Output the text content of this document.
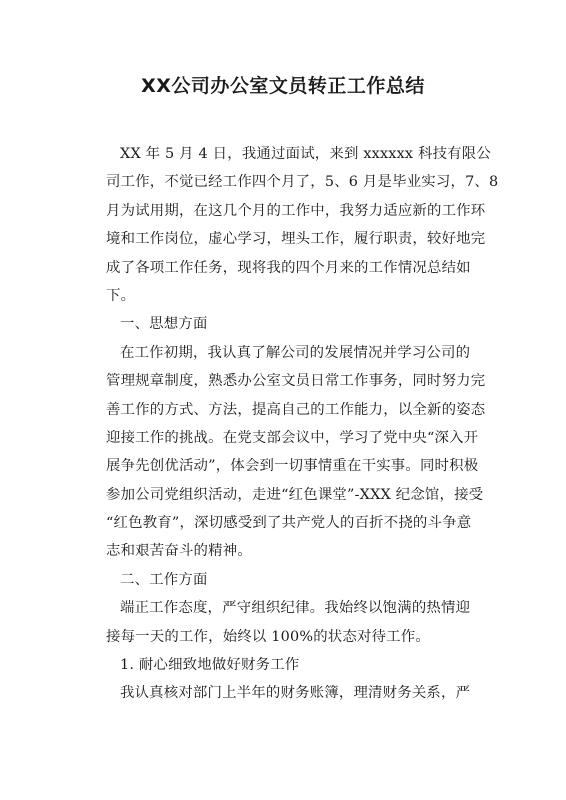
XX公司办公室文员转正工作总结
XX 年 5 月 4 日，我通过面试，来到 xxxxxx 科技有限公
司工作，不觉已经工作四个月了，5、6 月是毕业实习，7、8
月为试用期，在这几个月的工作中，我努力适应新的工作环
境和工作岗位，虚心学习，埋头工作，履行职责，较好地完
成了各项工作任务，现将我的四个月来的工作情况总结如
下。
一、思想方面
在工作初期，我认真了解公司的发展情况并学习公司的
管理规章制度，熟悉办公室文员日常工作事务，同时努力完
善工作的方式、方法，提高自己的工作能力，以全新的姿态
迎接工作的挑战。在党支部会议中，学习了党中央“深入开
展争先创优活动”，体会到一切事情重在干实事。同时积极
参加公司党组织活动，走进“红色课堂”-XXX 纪念馆，接受
“红色教育”，深切感受到了共产党人的百折不挠的斗争意
志和艰苦奋斗的精神。
二、工作方面
端正工作态度，严守组织纪律。我始终以饱满的热情迎
接每一天的工作，始终以 100%的状态对待工作。
1. 耐心细致地做好财务工作
我认真核对部门上半年的财务账簿，理清财务关系，严
